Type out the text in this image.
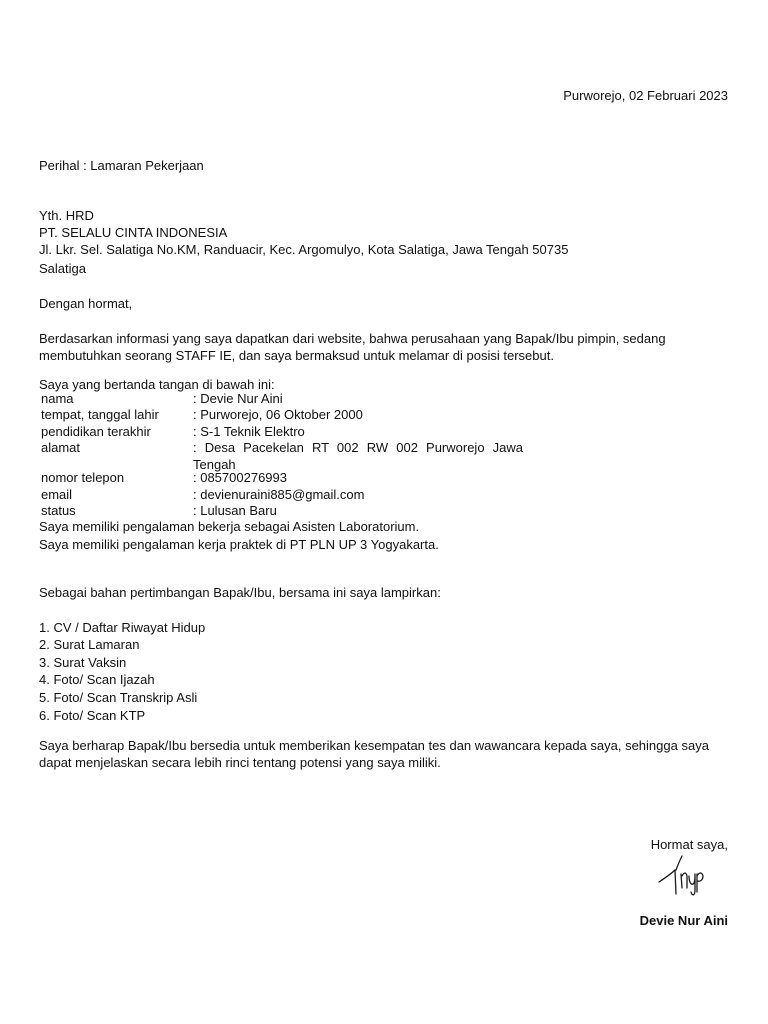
Purworejo, 02 Februari 2023
Perihal : Lamaran Pekerjaan
Yth. HRD
PT. SELALU CINTA INDONESIA
Jl. Lkr. Sel. Salatiga No.KM, Randuacir, Kec. Argomulyo, Kota Salatiga, Jawa Tengah 50735
Salatiga
Dengan hormat,
Berdasarkan informasi yang saya dapatkan dari website, bahwa perusahaan yang Bapak/Ibu pimpin, sedang membutuhkan seorang STAFF IE, dan saya bermaksud untuk melamar di posisi tersebut.
Saya yang bertanda tangan di bawah ini:
nama	: Devie Nur Aini
tempat, tanggal lahir	: Purworejo, 06 Oktober 2000
pendidikan terakhir	: S-1 Teknik Elektro
alamat	: Desa Pacekelan RT 002 RW 002 Purworejo Jawa
Tengah
nomor telepon	: 085700276993
email	: devienuraini885@gmail.com
status	: Lulusan Baru
Saya memiliki pengalaman bekerja sebagai Asisten Laboratorium.
Saya memiliki pengalaman kerja praktek di PT PLN UP 3 Yogyakarta.
Sebagai bahan pertimbangan Bapak/Ibu, bersama ini saya lampirkan:
1. CV / Daftar Riwayat Hidup
2. Surat Lamaran
3. Surat Vaksin
4. Foto/ Scan Ijazah
5. Foto/ Scan Transkrip Asli
6. Foto/ Scan KTP
Saya berharap Bapak/Ibu bersedia untuk memberikan kesempatan tes dan wawancara kepada saya, sehingga saya dapat menjelaskan secara lebih rinci tentang potensi yang saya miliki.
Hormat saya,
Devie Nur Aini
